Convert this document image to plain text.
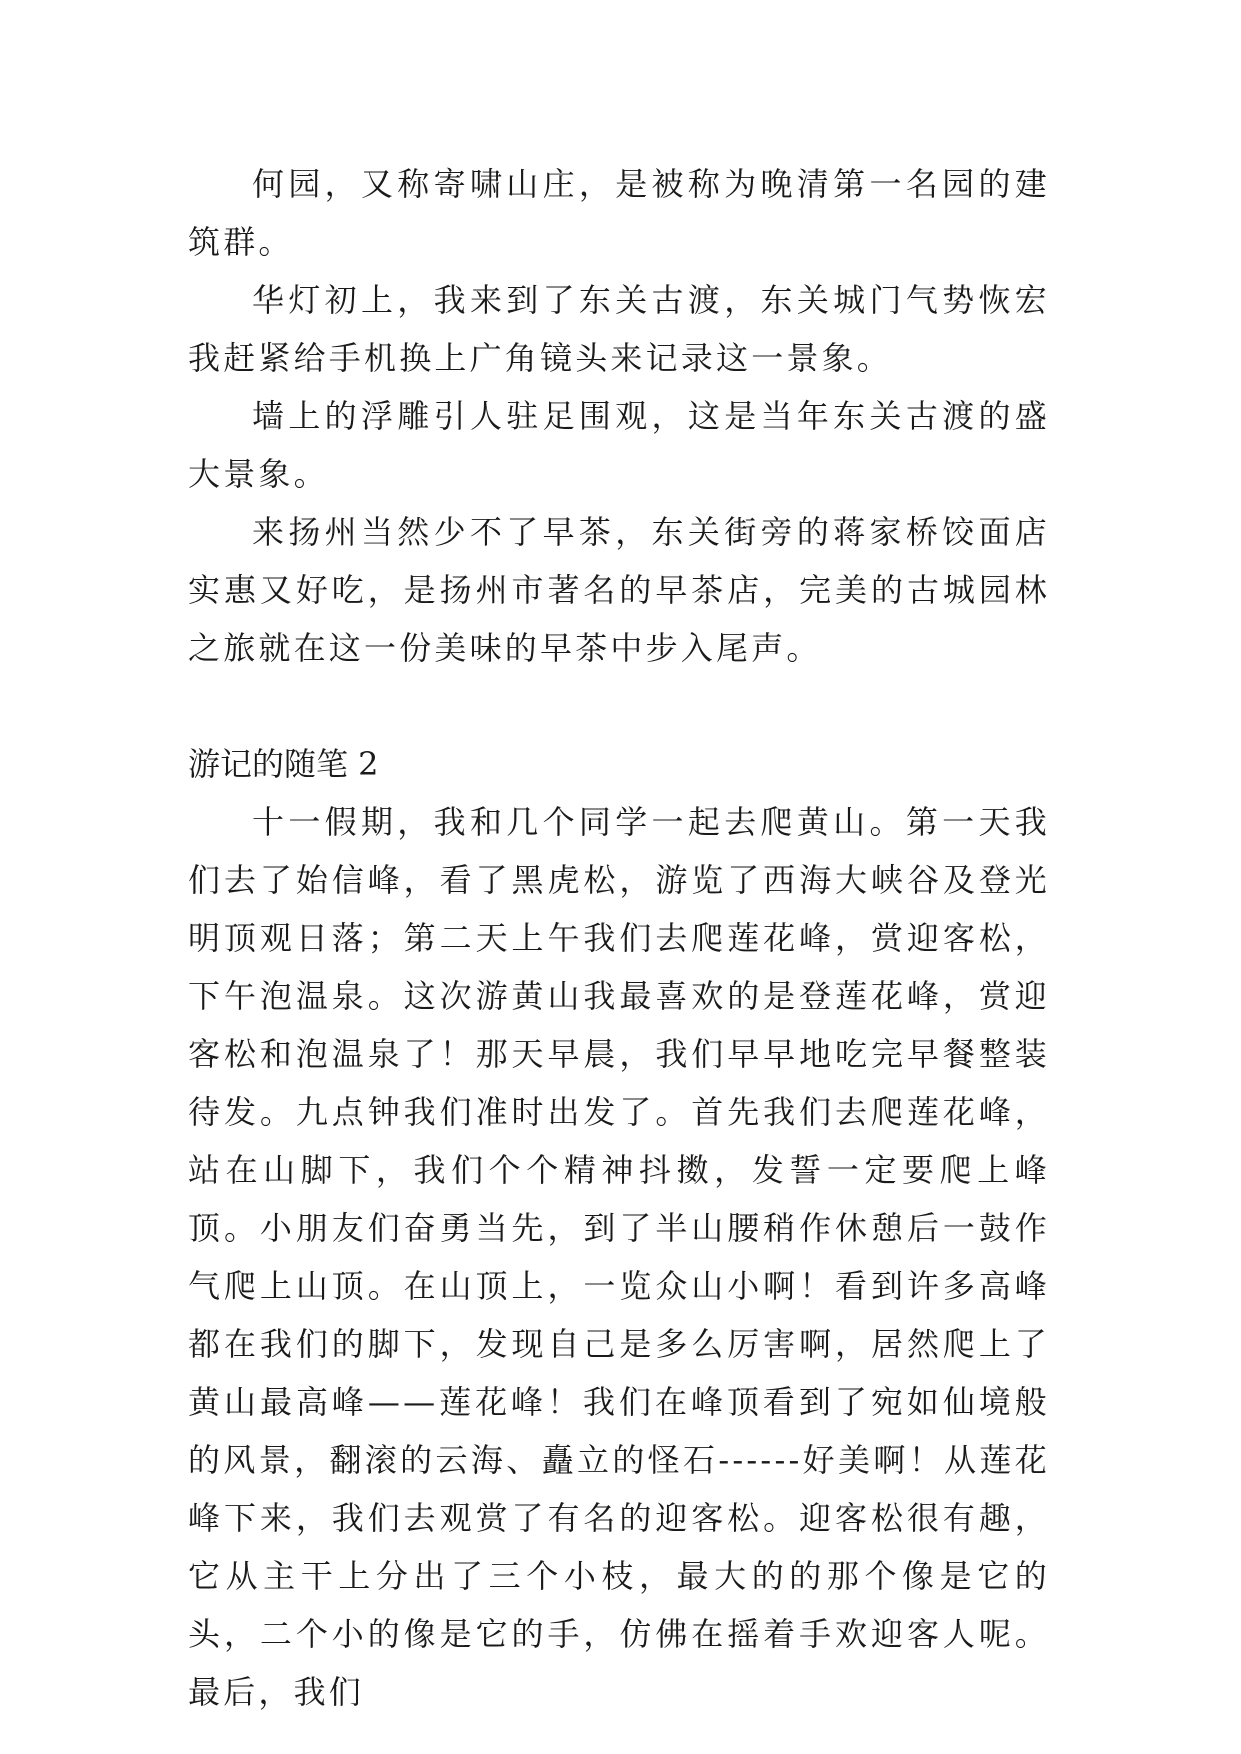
何园，又称寄啸山庄，是被称为晚清第一名园的建筑群。

华灯初上，我来到了东关古渡，东关城门气势恢宏我赶紧给手机换上广角镜头来记录这一景象。

墙上的浮雕引人驻足围观，这是当年东关古渡的盛大景象。

来扬州当然少不了早茶，东关街旁的蒋家桥饺面店实惠又好吃，是扬州市著名的早茶店，完美的古城园林之旅就在这一份美味的早茶中步入尾声。

游记的随笔 2

十一假期，我和几个同学一起去爬黄山。第一天我们去了始信峰，看了黑虎松，游览了西海大峡谷及登光明顶观日落；第二天上午我们去爬莲花峰，赏迎客松，下午泡温泉。这次游黄山我最喜欢的是登莲花峰，赏迎客松和泡温泉了！那天早晨，我们早早地吃完早餐整装待发。九点钟我们准时出发了。首先我们去爬莲花峰，站在山脚下，我们个个精神抖擞，发誓一定要爬上峰顶。小朋友们奋勇当先，到了半山腰稍作休憩后一鼓作气爬上山顶。在山顶上，一览众山小啊！看到许多高峰都在我们的脚下，发现自己是多么厉害啊，居然爬上了黄山最高峰——莲花峰！我们在峰顶看到了宛如仙境般的风景，翻滚的云海、矗立的怪石------好美啊！从莲花峰下来，我们去观赏了有名的迎客松。迎客松很有趣，它从主干上分出了三个小枝，最大的的那个像是它的头，二个小的像是它的手，仿佛在摇着手欢迎客人呢。最后，我们
